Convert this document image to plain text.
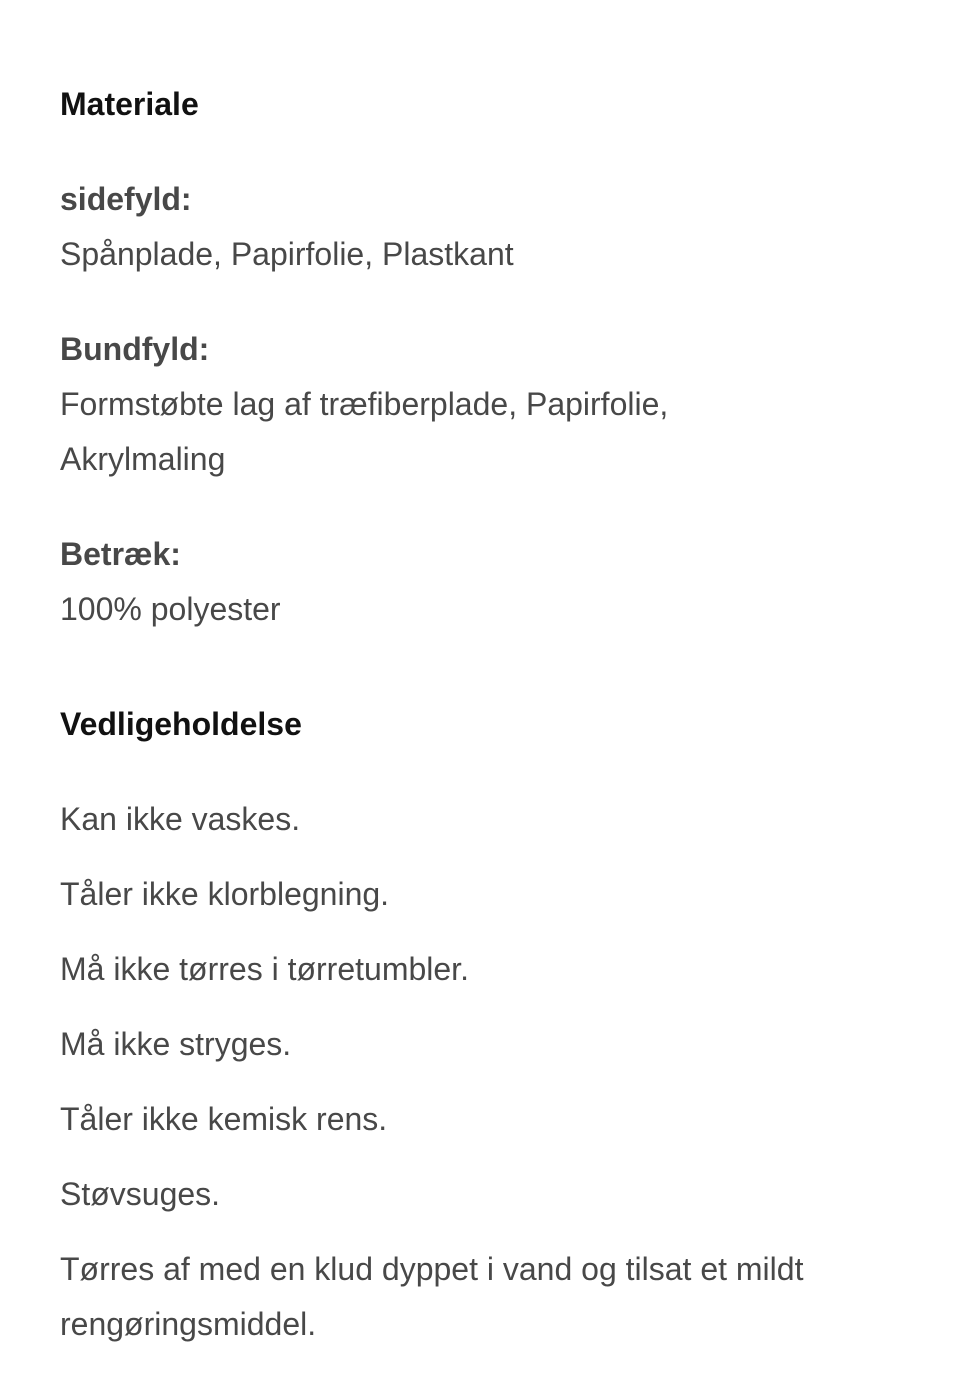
Materiale

sidefyld:

Spånplade, Papirfolie, Plastkant

Bundfyld:

Formstøbte lag af træfiberplade, Papirfolie, Akrylmaling

Betræk:

100% polyester

Vedligeholdelse

Kan ikke vaskes.

Tåler ikke klorblegning.

Må ikke tørres i tørretumbler.

Må ikke stryges.

Tåler ikke kemisk rens.

Støvsuges.

Tørres af med en klud dyppet i vand og tilsat et mildt rengøringsmiddel.
